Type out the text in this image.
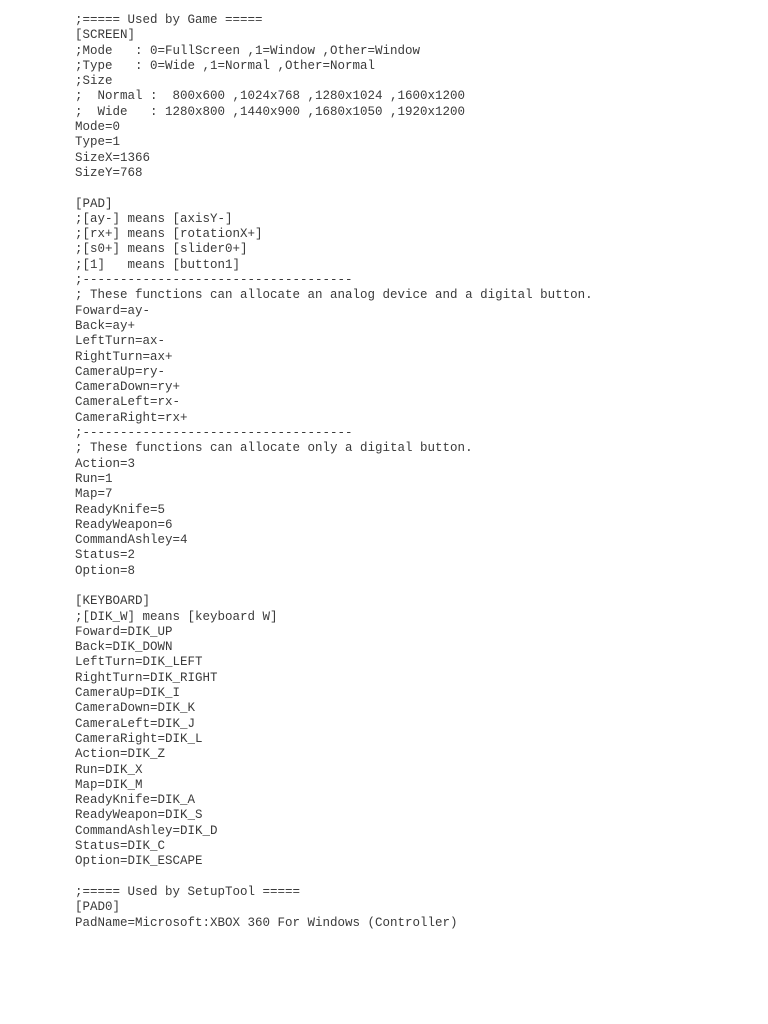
;===== Used by Game =====
[SCREEN]
;Mode   : 0=FullScreen ,1=Window ,Other=Window
;Type   : 0=Wide ,1=Normal ,Other=Normal
;Size
;  Normal :  800x600 ,1024x768 ,1280x1024 ,1600x1200
;  Wide   : 1280x800 ,1440x900 ,1680x1050 ,1920x1200
Mode=0
Type=1
SizeX=1366
SizeY=768
[PAD]
;[ay-] means [axisY-]
;[rx+] means [rotationX+]
;[s0+] means [slider0+]
;[1]   means [button1]
;------------------------------------
; These functions can allocate an analog device and a digital button.
Foward=ay-
Back=ay+
LeftTurn=ax-
RightTurn=ax+
CameraUp=ry-
CameraDown=ry+
CameraLeft=rx-
CameraRight=rx+
;------------------------------------
; These functions can allocate only a digital button.
Action=3
Run=1
Map=7
ReadyKnife=5
ReadyWeapon=6
CommandAshley=4
Status=2
Option=8
[KEYBOARD]
;[DIK_W] means [keyboard W]
Foward=DIK_UP
Back=DIK_DOWN
LeftTurn=DIK_LEFT
RightTurn=DIK_RIGHT
CameraUp=DIK_I
CameraDown=DIK_K
CameraLeft=DIK_J
CameraRight=DIK_L
Action=DIK_Z
Run=DIK_X
Map=DIK_M
ReadyKnife=DIK_A
ReadyWeapon=DIK_S
CommandAshley=DIK_D
Status=DIK_C
Option=DIK_ESCAPE
;===== Used by SetupTool =====
[PAD0]
PadName=Microsoft:XBOX 360 For Windows (Controller)
